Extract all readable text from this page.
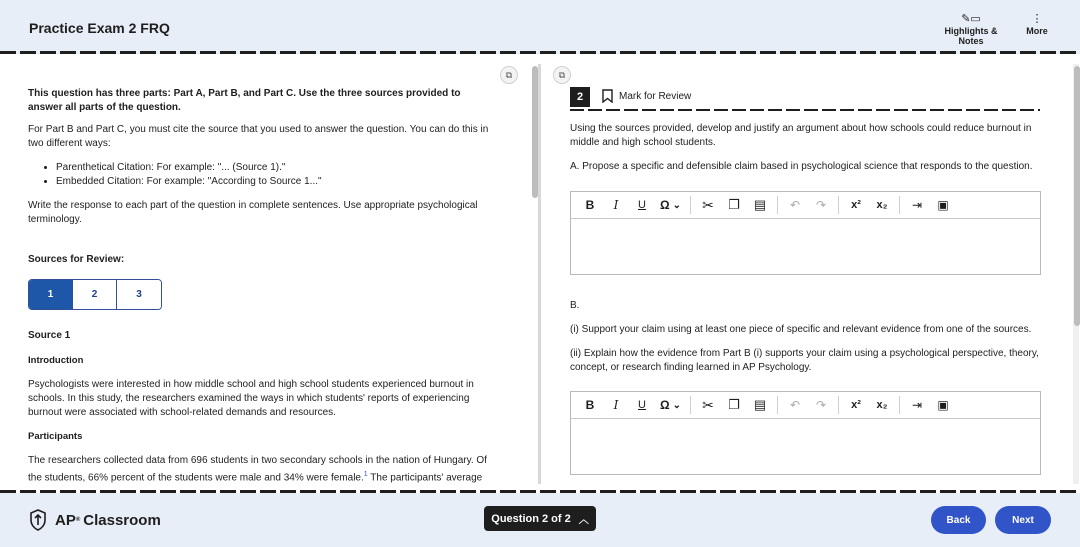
Practice Exam 2 FRQ
✎▭
Highlights & Notes
⋮
More
⧉
This question has three parts: Part A, Part B, and Part C. Use the three sources provided to answer all parts of the question.
For Part B and Part C, you must cite the source that you used to answer the question. You can do this in two different ways:
• Parenthetical Citation: For example: "... (Source 1)."
• Embedded Citation: For example: "According to Source 1..."
Write the response to each part of the question in complete sentences. Use appropriate psychological terminology.
Sources for Review:
1	2	3
Source 1
Introduction
Psychologists were interested in how middle school and high school students experienced burnout in schools. In this study, the researchers examined the ways in which students' reports of experiencing burnout were associated with school-related demands and resources.
Participants
The researchers collected data from 696 students in two secondary schools in the nation of Hungary. Of the students, 66% percent of the students were male and 34% were female.$^1$ The participants' average
⧉
2	Mark for Review
Using the sources provided, develop and justify an argument about how schools could reduce burnout in middle and high school students.
A. Propose a specific and defensible claim based in psychological science that responds to the question.
B	I	U	Ω ⌄ ✂ ❐ ▤ ↶ ↷	x²	x₂	⇥ ▣
B.
(i) Support your claim using at least one piece of specific and relevant evidence from one of the sources.
(ii) Explain how the evidence from Part B (i) supports your claim using a psychological perspective, theory, concept, or research finding learned in AP Psychology.
B	I	U	Ω ⌄ ✂ ❐ ▤ ↶ ↷	x²	x₂	⇥ ▣
AP ® Classroom	Question 2 of 2 ︿	Back	Next
